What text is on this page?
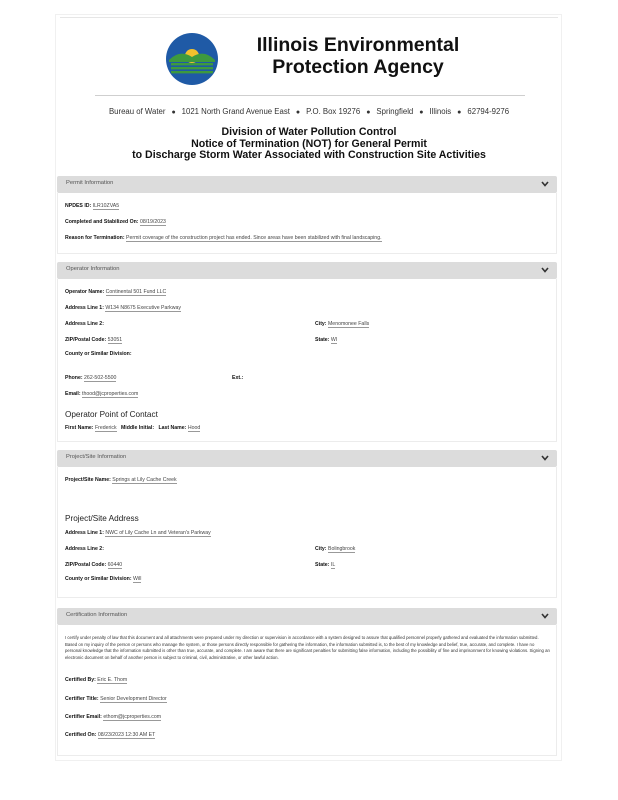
Illinois Environmental
Protection Agency
Bureau of Water ● 1021 North Grand Avenue East ● P.O. Box 19276 ● Springfield ● Illinois ● 62794-9276
Division of Water Pollution Control
Notice of Termination (NOT) for General Permit
to Discharge Storm Water Associated with Construction Site Activities
Permit Information
NPDES ID: ILR10ZVA5
Completed and Stabilized On: 08/19/2023
Reason for Termination: Permit coverage of the construction project has ended. Since areas have been stabilized with final landscaping.
Operator Information
Operator Name: Continental 501 Fund LLC
Address Line 1: W134 N8675 Executive Parkway
Address Line 2:	City: Menomonee Falls
ZIP/Postal Code: 53051	State: WI
County or Similar Division:
Phone: 262-502-5500	Ext.:
Email: thood@jcproperties.com
Operator Point of Contact
First Name: Frederick Middle Initial: Last Name: Hood
Project/Site Information
Project/Site Name: Springs at Lily Cache Creek
Project/Site Address
Address Line 1: NWC of Lily Cache Ln and Veteran's Parkway
Address Line 2:	City: Bolingbrook
ZIP/Postal Code: 60440	State: IL
County or Similar Division: Will
Certification Information
I certify under penalty of law that this document and all attachments were prepared under my direction or supervision in accordance with a system designed to assure that qualified personnel properly gathered and evaluated the information submitted. Based on my inquiry of the person or persons who manage the system, or those persons directly responsible for gathering the information, the information submitted is, to the best of my knowledge and belief, true, accurate, and complete. I have no personal knowledge that the information submitted is other than true, accurate, and complete. I am aware that there are significant penalties for submitting false information, including the possibility of fine and imprisonment for knowing violations. Signing an electronic document on behalf of another person is subject to criminal, civil, administrative, or other lawful action.
Certified By: Eric E. Thom
Certifier Title: Senior Development Director
Certifier Email: ethom@jcproperties.com
Certified On: 08/23/2023 12:30 AM ET
